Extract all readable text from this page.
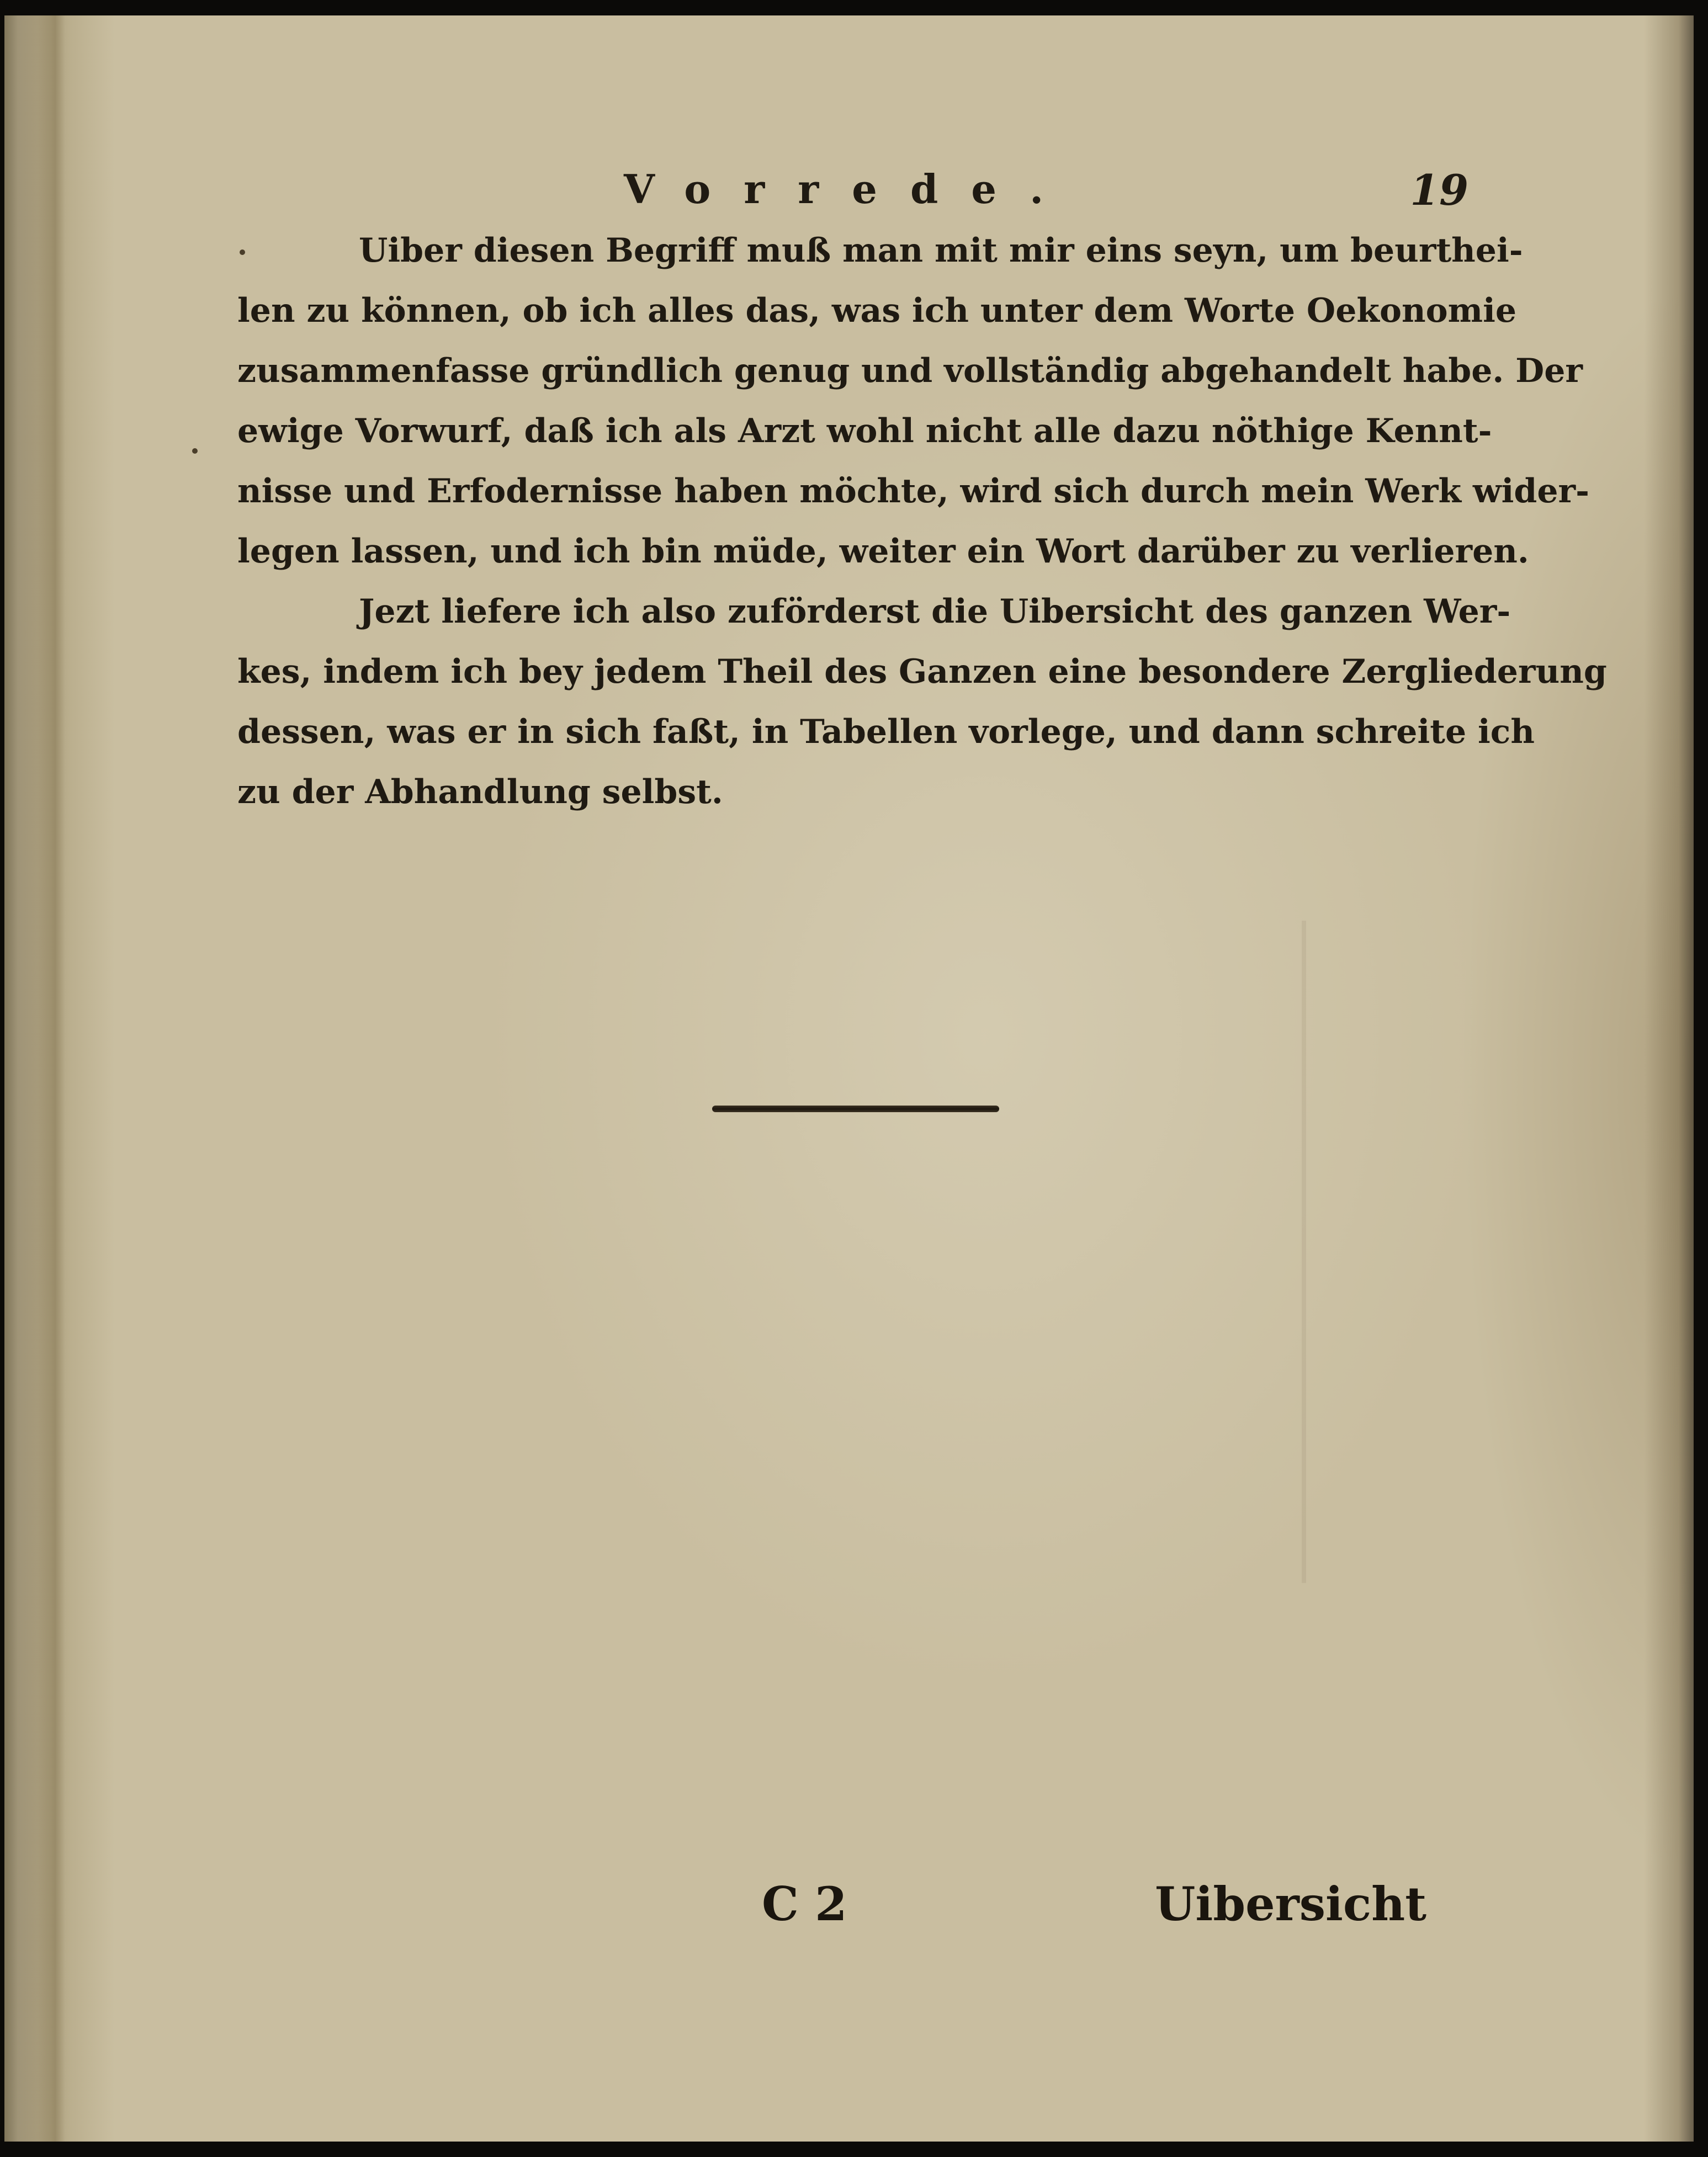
Vorrede.	19
Uiber diesen Begriff muß man mit mir eins seyn, um beurthei-
len zu können, ob ich alles das, was ich unter dem Worte Oekonomie
zusammenfasse gründlich genug und vollständig abgehandelt habe. Der
ewige Vorwurf, daß ich als Arzt wohl nicht alle dazu nöthige Kennt-
nisse und Erfodernisse haben möchte, wird sich durch mein Werk wider-
legen lassen, und ich bin müde, weiter ein Wort darüber zu verlieren.
Jezt liefere ich also zuförderst die Uibersicht des ganzen Wer-
kes, indem ich bey jedem Theil des Ganzen eine besondere Zergliederung
dessen, was er in sich faßt, in Tabellen vorlege, und dann schreite ich
zu der Abhandlung selbst.
C 2	Uibersicht
